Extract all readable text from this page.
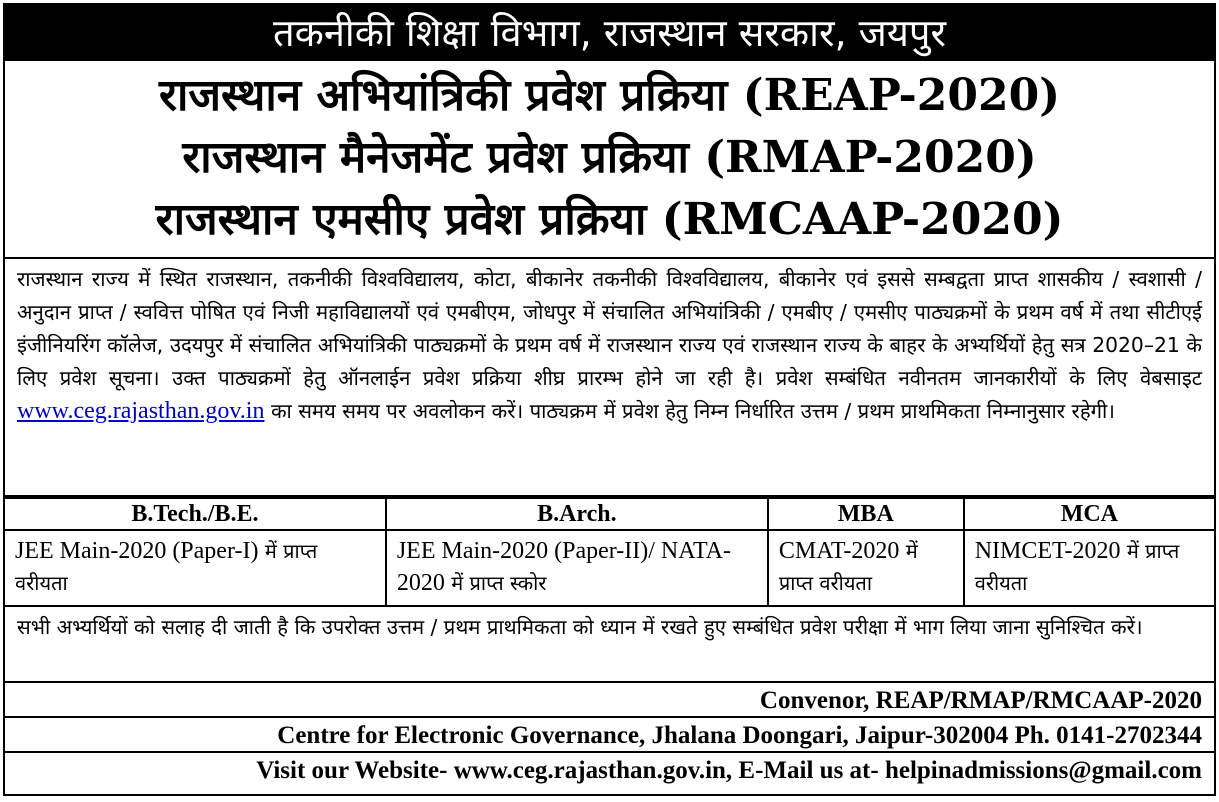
तकनीकी शिक्षा विभाग, राजस्थान सरकार, जयपुर
राजस्थान अभियांत्रिकी प्रवेश प्रक्रिया (REAP-2020)
राजस्थान मैनेजमेंट प्रवेश प्रक्रिया (RMAP-2020)
राजस्थान एमसीए प्रवेश प्रक्रिया (RMCAAP-2020)
राजस्थान राज्य में स्थित राजस्थान, तकनीकी विश्वविद्यालय, कोटा, बीकानेर तकनीकी विश्वविद्यालय, बीकानेर एवं इससे सम्बद्वता प्राप्त शासकीय / स्वशासी / अनुदान प्राप्त / स्ववित्त पोषित एवं निजी महाविद्यालयों एवं एमबीएम, जोधपुर में संचालित अभियांत्रिकी / एमबीए / एमसीए पाठ्यक्रमों के प्रथम वर्ष में तथा सीटीएई इंजीनियरिंग कॉलेज, उदयपुर में संचालित अभियांत्रिकी पाठ्यक्रमों के प्रथम वर्ष में राजस्थान राज्य एवं राजस्थान राज्य के बाहर के अभ्यर्थियों हेतु सत्र 2020–21 के लिए प्रवेश सूचना। उक्त पाठ्यक्रमों हेतु ऑनलाईन प्रवेश प्रक्रिया शीघ्र प्रारम्भ होने जा रही है। प्रवेश सम्बंधित नवीनतम जानकारीयों के लिए वेबसाइट www.ceg.rajasthan.gov.in का समय समय पर अवलोकन करें। पाठ्यक्रम में प्रवेश हेतु निम्न निर्धारित उत्तम / प्रथम प्राथमिकता निम्नानुसार रहेगी।
B.Tech./B.E.	B.Arch.	MBA	MCA
JEE Main-2020 (Paper-I) में प्राप्त वरीयता	JEE Main-2020 (Paper-II)/ NATA- 2020 में प्राप्त स्कोर	CMAT-2020 में प्राप्त वरीयता	NIMCET-2020 में प्राप्त वरीयता
सभी अभ्यर्थियों को सलाह दी जाती है कि उपरोक्त उत्तम / प्रथम प्राथमिकता को ध्यान में रखते हुए सम्बंधित प्रवेश परीक्षा में भाग लिया जाना सुनिश्चित करें।
Convenor, REAP/RMAP/RMCAAP-2020
Centre for Electronic Governance, Jhalana Doongari, Jaipur-302004 Ph. 0141-2702344
Visit our Website- www.ceg.rajasthan.gov.in, E-Mail us at- helpinadmissions@gmail.com
